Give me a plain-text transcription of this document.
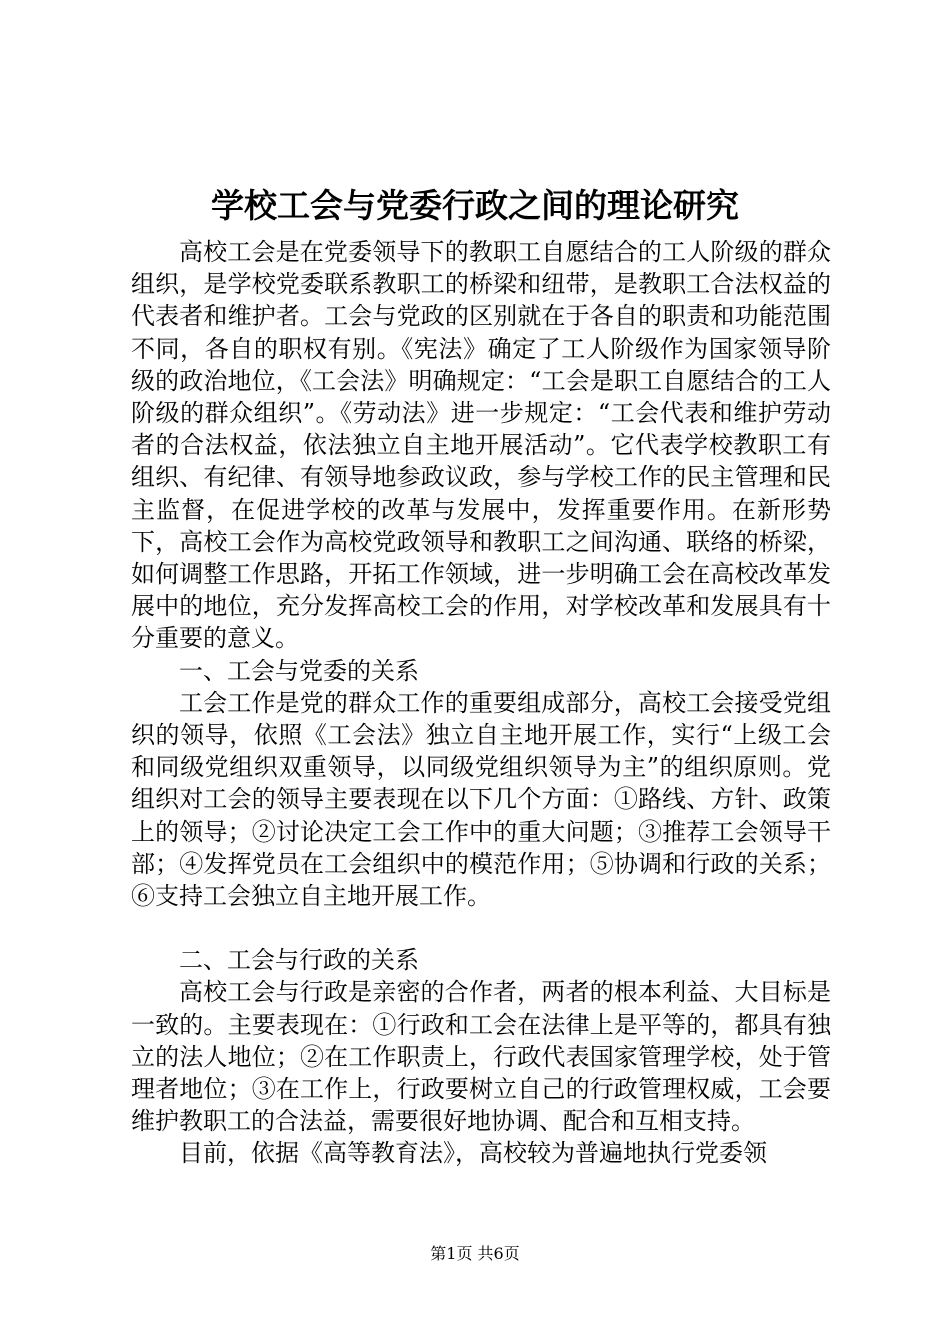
学校工会与党委行政之间的理论研究

高校工会是在党委领导下的教职工自愿结合的工人阶级的群众组织，是学校党委联系教职工的桥梁和纽带，是教职工合法权益的代表者和维护者。工会与党政的区别就在于各自的职责和功能范围不同，各自的职权有别。《宪法》确定了工人阶级作为国家领导阶级的政治地位，《工会法》明确规定：“工会是职工自愿结合的工人阶级的群众组织”。《劳动法》进一步规定：“工会代表和维护劳动者的合法权益，依法独立自主地开展活动”。它代表学校教职工有组织、有纪律、有领导地参政议政，参与学校工作的民主管理和民主监督，在促进学校的改革与发展中，发挥重要作用。在新形势下，高校工会作为高校党政领导和教职工之间沟通、联络的桥梁，如何调整工作思路，开拓工作领域，进一步明确工会在高校改革发展中的地位，充分发挥高校工会的作用，对学校改革和发展具有十分重要的意义。

一、工会与党委的关系

工会工作是党的群众工作的重要组成部分，高校工会接受党组织的领导，依照《工会法》独立自主地开展工作，实行“上级工会和同级党组织双重领导，以同级党组织领导为主”的组织原则。党组织对工会的领导主要表现在以下几个方面：①路线、方针、政策上的领导；②讨论决定工会工作中的重大问题；③推荐工会领导干部；④发挥党员在工会组织中的模范作用；⑤协调和行政的关系；⑥支持工会独立自主地开展工作。

二、工会与行政的关系

高校工会与行政是亲密的合作者，两者的根本利益、大目标是一致的。主要表现在：①行政和工会在法律上是平等的，都具有独立的法人地位；②在工作职责上，行政代表国家管理学校，处于管理者地位；③在工作上，行政要树立自己的行政管理权威，工会要维护教职工的合法益，需要很好地协调、配合和互相支持。

目前，依据《高等教育法》，高校较为普遍地执行党委领

第1页 共6页
